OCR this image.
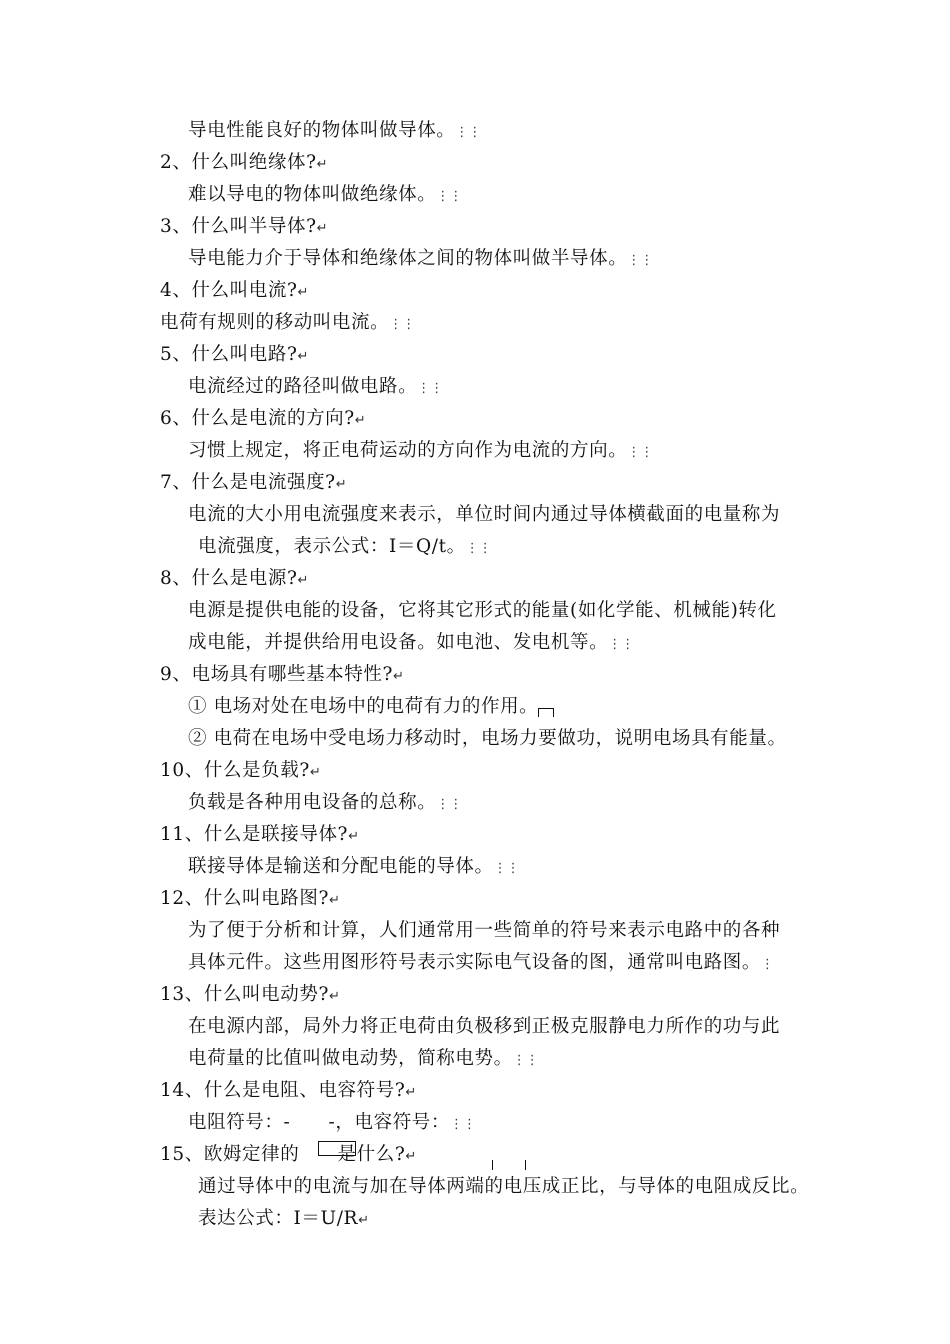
导电性能良好的物体叫做导体。⋮⋮
2、什么叫绝缘体?↵
难以导电的物体叫做绝缘体。⋮⋮
3、什么叫半导体?↵
导电能力介于导体和绝缘体之间的物体叫做半导体。⋮⋮
4、什么叫电流?↵
电荷有规则的移动叫电流。⋮⋮
5、什么叫电路?↵
电流经过的路径叫做电路。⋮⋮
6、什么是电流的方向?↵
习惯上规定，将正电荷运动的方向作为电流的方向。⋮⋮
7、什么是电流强度?↵
电流的大小用电流强度来表示，单位时间内通过导体横截面的电量称为
电流强度，表示公式：I＝Q/t。⋮⋮
8、什么是电源?↵
电源是提供电能的设备，它将其它形式的能量(如化学能、机械能)转化
成电能，并提供给用电设备。如电池、发电机等。⋮⋮
9、电场具有哪些基本特性?↵
① 电场对处在电场中的电荷有力的作用。
② 电荷在电场中受电场力移动时，电场力要做功，说明电场具有能量。
10、什么是负载?↵
负载是各种用电设备的总称。⋮⋮
11、什么是联接导体?↵
联接导体是输送和分配电能的导体。⋮⋮
12、什么叫电路图?↵
为了便于分析和计算，人们通常用一些简单的符号来表示电路中的各种
具体元件。这些用图形符号表示实际电气设备的图，通常叫电路图。⋮
13、什么叫电动势?↵
在电源内部，局外力将正电荷由负极移到正极克服静电力所作的功与此
电荷量的比值叫做电动势，简称电势。⋮⋮
14、什么是电阻、电容符号?↵
电阻符号：-　　-，电容符号：⋮⋮
15、欧姆定律的　　是什么?↵
通过导体中的电流与加在导体两端的电压成正比，与导体的电阻成反比。
表达公式：I＝U/R↵
